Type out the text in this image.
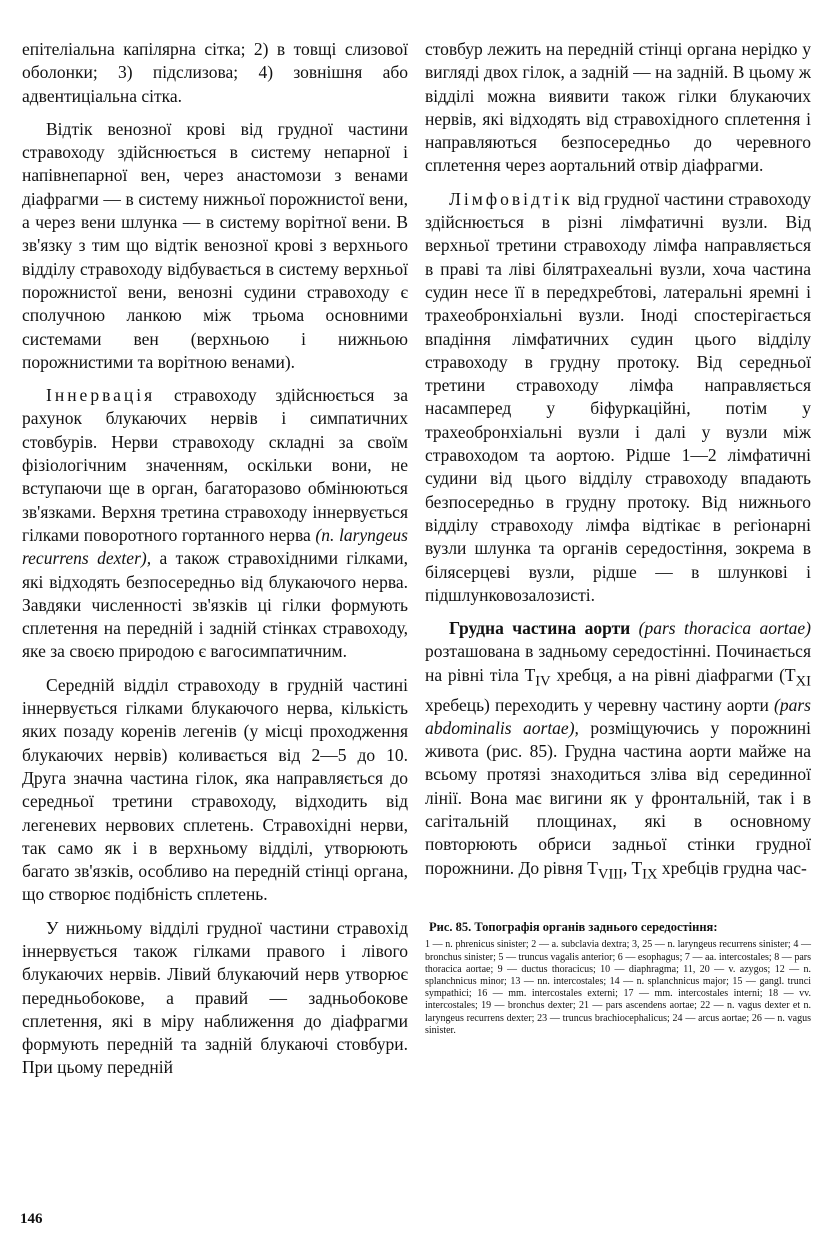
епітеліальна капілярна сітка; 2) в товщі слизової оболонки; 3) підслизова; 4) зовнішня або адвентиціальна сітка.

Відтік венозної крові від грудної частини стравоходу здійснюється в систему непарної і напівнепарної вен, через анастомози з венами діафрагми — в систему нижньої порожнистої вени, а через вени шлунка — в систему ворітної вени. В зв'язку з тим що відтік венозної крові з верхнього відділу стравоходу відбувається в систему верхньої порожнистої вени, венозні судини стравоходу є сполучною ланкою між трьома основними системами вен (верхньою і нижньою порожнистими та ворітною венами).

Іннервація стравоходу здійснюється за рахунок блукаючих нервів і симпатичних стовбурів. Нерви стравоходу складні за своїм фізіологічним значенням, оскільки вони, не вступаючи ще в орган, багаторазово обмінюються зв'язками. Верхня третина стравоходу іннервується гілками поворотного гортанного нерва (n. laryngeus recurrens dexter), а також стравохідними гілками, які відходять безпосередньо від блукаючого нерва. Завдяки численності зв'язків ці гілки формують сплетення на передній і задній стінках стравоходу, яке за своєю природою є вагосимпатичним.

Середній відділ стравоходу в грудній частині іннервується гілками блукаючого нерва, кількість яких позаду коренів легенів (у місці проходження блукаючих нервів) коливається від 2—5 до 10. Друга значна частина гілок, яка направляється до середньої третини стравоходу, відходить від легеневих нервових сплетень. Стравохідні нерви, так само як і в верхньому відділі, утворюють багато зв'язків, особливо на передній стінці органа, що створює подібність сплетень.

У нижньому відділі грудної частини стравохід іннервується також гілками правого і лівого блукаючих нервів. Лівий блукаючий нерв утворює передньобокове, а правий — задньобокове сплетення, які в міру наближення до діафрагми формують передній та задній блукаючі стовбури. При цьому передній

стовбур лежить на передній стінці органа нерідко у вигляді двох гілок, а задній — на задній. В цьому ж відділі можна виявити також гілки блукаючих нервів, які відходять від стравохідного сплетення і направляються безпосередньо до черевного сплетення через аортальний отвір діафрагми.

Лімфовідтік від грудної частини стравоходу здійснюється в різні лімфатичні вузли. Від верхньої третини стравоходу лімфа направляється в праві та ліві білятрахеальні вузли, хоча частина судин несе її в передхребтові, латеральні яремні і трахеобронхіальні вузли. Іноді спостерігається впадіння лімфатичних судин цього відділу стравоходу в грудну протоку. Від середньої третини стравоходу лімфа направляється насамперед у біфуркаційні, потім у трахеобронхіальні вузли і далі у вузли між стравоходом та аортою. Рідше 1—2 лімфатичні судини від цього відділу стравоходу впадають безпосередньо в грудну протоку. Від нижнього відділу стравоходу лімфа відтікає в регіонарні вузли шлунка та органів середостіння, зокрема в білясерцеві вузли, рідше — в шлункові і підшлунковозалозисті.

Грудна частина аорти (pars thoracica aortae) розташована в задньому середостінні. Починається на рівні тіла $T_{IV}$ хребця, а на рівні діафрагми ($T_{XI}$ хребець) переходить у черевну частину аорти (pars abdominalis aortae), розміщуючись у порожнині живота (рис. 85). Грудна частина аорти майже на всьому протязі знаходиться зліва від серединної лінії. Вона має вигини як у фронтальній, так і в сагітальній площинах, які в основному повторюють обриси задньої стінки грудної порожнини. До рівня $T_{VIII}$, $T_{IX}$ хребців грудна час-

Рис. 85. Топографія органів заднього середостіння:

1 — n. phrenicus sinister; 2 — a. subclavia dextra; 3, 25 — n. laryngeus recurrens sinister; 4 — bronchus sinister; 5 — truncus vagalis anterior; 6 — esophagus; 7 — aa. intercostales; 8 — pars thoracica aortae; 9 — ductus thoracicus; 10 — diaphragma; 11, 20 — v. azygos; 12 — n. splanchnicus minor; 13 — nn. intercostales; 14 — n. splanchnicus major; 15 — gangl. trunci sympathici; 16 — mm. intercostales externi; 17 — mm. intercostales interni; 18 — vv. intercostales; 19 — bronchus dexter; 21 — pars ascendens aortae; 22 — n. vagus dexter et n. laryngeus recurrens dexter; 23 — truncus brachiocephalicus; 24 — arcus aortae; 26 — n. vagus sinister.

146
